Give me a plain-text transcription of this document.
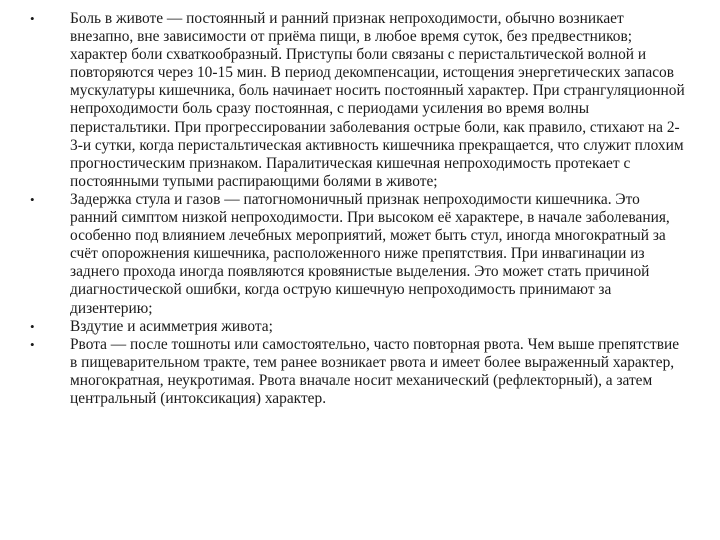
•	Боль в животе — постоянный и ранний признак непроходимости, обычно возникает внезапно, вне зависимости от приёма пищи, в любое время суток, без предвестников; характер боли схваткообразный. Приступы боли связаны с перистальтической волной и повторяются через 10-15 мин. В период декомпенсации, истощения энергетических запасов мускулатуры кишечника, боль начинает носить постоянный характер. При странгуляционной непроходимости боль сразу постоянная, с периодами усиления во время волны перистальтики. При прогрессировании заболевания острые боли, как правило, стихают на 2-3-и сутки, когда перистальтическая активность кишечника прекращается, что служит плохим прогностическим признаком. Паралитическая кишечная непроходимость протекает с постоянными тупыми распирающими болями в животе;
•	Задержка стула и газов — патогномоничный признак непроходимости кишечника. Это ранний симптом низкой непроходимости. При высоком её характере, в начале заболевания, особенно под влиянием лечебных мероприятий, может быть стул, иногда многократный за счёт опорожнения кишечника, расположенного ниже препятствия. При инвагинации из заднего прохода иногда появляются кровянистые выделения. Это может стать причиной диагностической ошибки, когда острую кишечную непроходимость принимают за дизентерию;
•	Вздутие и асимметрия живота;
•	Рвота — после тошноты или самостоятельно, часто повторная рвота. Чем выше препятствие в пищеварительном тракте, тем ранее возникает рвота и имеет более выраженный характер, многократная, неукротимая. Рвота вначале носит механический (рефлекторный), а затем центральный (интоксикация) характер.
